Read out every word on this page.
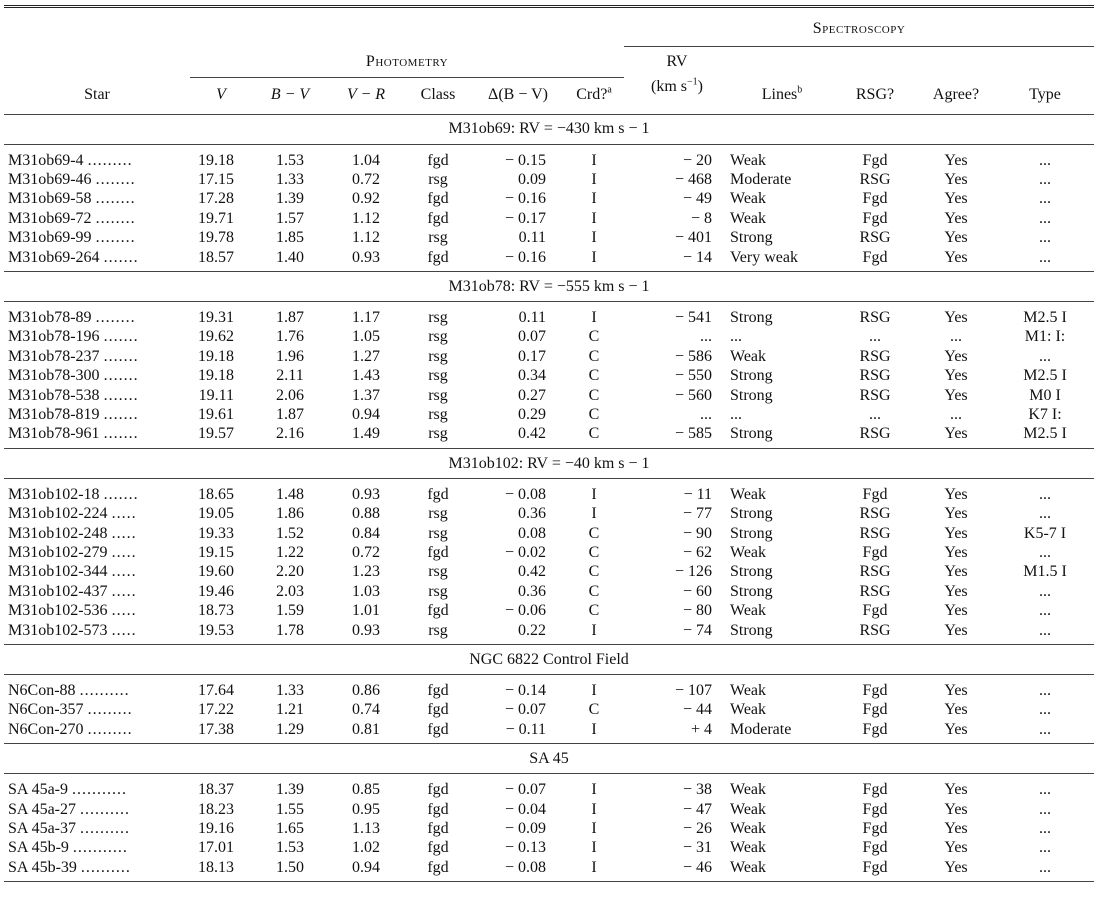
							Spectroscopy				

	Photometry						RV				
Star	V	B − V	V − R	Class	Δ(B − V)	Crd?$^a$	(km $s^{-1}$)	Lines$^b$	RSG?	Agree?	Type
M31ob69: RV = −430 km s − 1											

M31ob69-4 .........	19.18	1.53	1.04	fgd	− 0.15	I	− 20	Weak	Fgd	Yes	...
M31ob69-46 ........	17.15	1.33	0.72	rsg	0.09	I	− 468	Moderate	RSG	Yes	...
M31ob69-58 ........	17.28	1.39	0.92	fgd	− 0.16	I	− 49	Weak	Fgd	Yes	...
M31ob69-72 ........	19.71	1.57	1.12	fgd	− 0.17	I	− 8	Weak	Fgd	Yes	...
M31ob69-99 ........	19.78	1.85	1.12	rsg	0.11	I	− 401	Strong	RSG	Yes	...
M31ob69-264 .......	18.57	1.40	0.93	fgd	− 0.16	I	− 14	Very weak	Fgd	Yes	...

M31ob78: RV = −555 km s − 1											

M31ob78-89 ........	19.31	1.87	1.17	rsg	0.11	I	− 541	Strong	RSG	Yes	M2.5 I
M31ob78-196 .......	19.62	1.76	1.05	rsg	0.07	C	...	...	...	...	M1: I:
M31ob78-237 .......	19.18	1.96	1.27	rsg	0.17	C	− 586	Weak	RSG	Yes	...
M31ob78-300 .......	19.18	2.11	1.43	rsg	0.34	C	− 550	Strong	RSG	Yes	M2.5 I
M31ob78-538 .......	19.11	2.06	1.37	rsg	0.27	C	− 560	Strong	RSG	Yes	M0 I
M31ob78-819 .......	19.61	1.87	0.94	rsg	0.29	C	...	...	...	...	K7 I:
M31ob78-961 .......	19.57	2.16	1.49	rsg	0.42	C	− 585	Strong	RSG	Yes	M2.5 I

M31ob102: RV = −40 km s − 1											

M31ob102-18 .......	18.65	1.48	0.93	fgd	− 0.08	I	− 11	Weak	Fgd	Yes	...
M31ob102-224 .....	19.05	1.86	0.88	rsg	0.36	I	− 77	Strong	RSG	Yes	...
M31ob102-248 .....	19.33	1.52	0.84	rsg	0.08	C	− 90	Strong	RSG	Yes	K5-7 I
M31ob102-279 .....	19.15	1.22	0.72	fgd	− 0.02	C	− 62	Weak	Fgd	Yes	...
M31ob102-344 .....	19.60	2.20	1.23	rsg	0.42	C	− 126	Strong	RSG	Yes	M1.5 I
M31ob102-437 .....	19.46	2.03	1.03	rsg	0.36	C	− 60	Strong	RSG	Yes	...
M31ob102-536 .....	18.73	1.59	1.01	fgd	− 0.06	C	− 80	Weak	Fgd	Yes	...
M31ob102-573 .....	19.53	1.78	0.93	rsg	0.22	I	− 74	Strong	RSG	Yes	...

NGC 6822 Control Field											

N6Con-88 ..........	17.64	1.33	0.86	fgd	− 0.14	I	− 107	Weak	Fgd	Yes	...
N6Con-357 .........	17.22	1.21	0.74	fgd	− 0.07	C	− 44	Weak	Fgd	Yes	...
N6Con-270 .........	17.38	1.29	0.81	fgd	− 0.11	I	+ 4	Moderate	Fgd	Yes	...

SA 45											

SA 45a-9 ...........	18.37	1.39	0.85	fgd	− 0.07	I	− 38	Weak	Fgd	Yes	...
SA 45a-27 ..........	18.23	1.55	0.95	fgd	− 0.04	I	− 47	Weak	Fgd	Yes	...
SA 45a-37 ..........	19.16	1.65	1.13	fgd	− 0.09	I	− 26	Weak	Fgd	Yes	...
SA 45b-9 ...........	17.01	1.53	1.02	fgd	− 0.13	I	− 31	Weak	Fgd	Yes	...
SA 45b-39 ..........	18.13	1.50	0.94	fgd	− 0.08	I	− 46	Weak	Fgd	Yes	...
